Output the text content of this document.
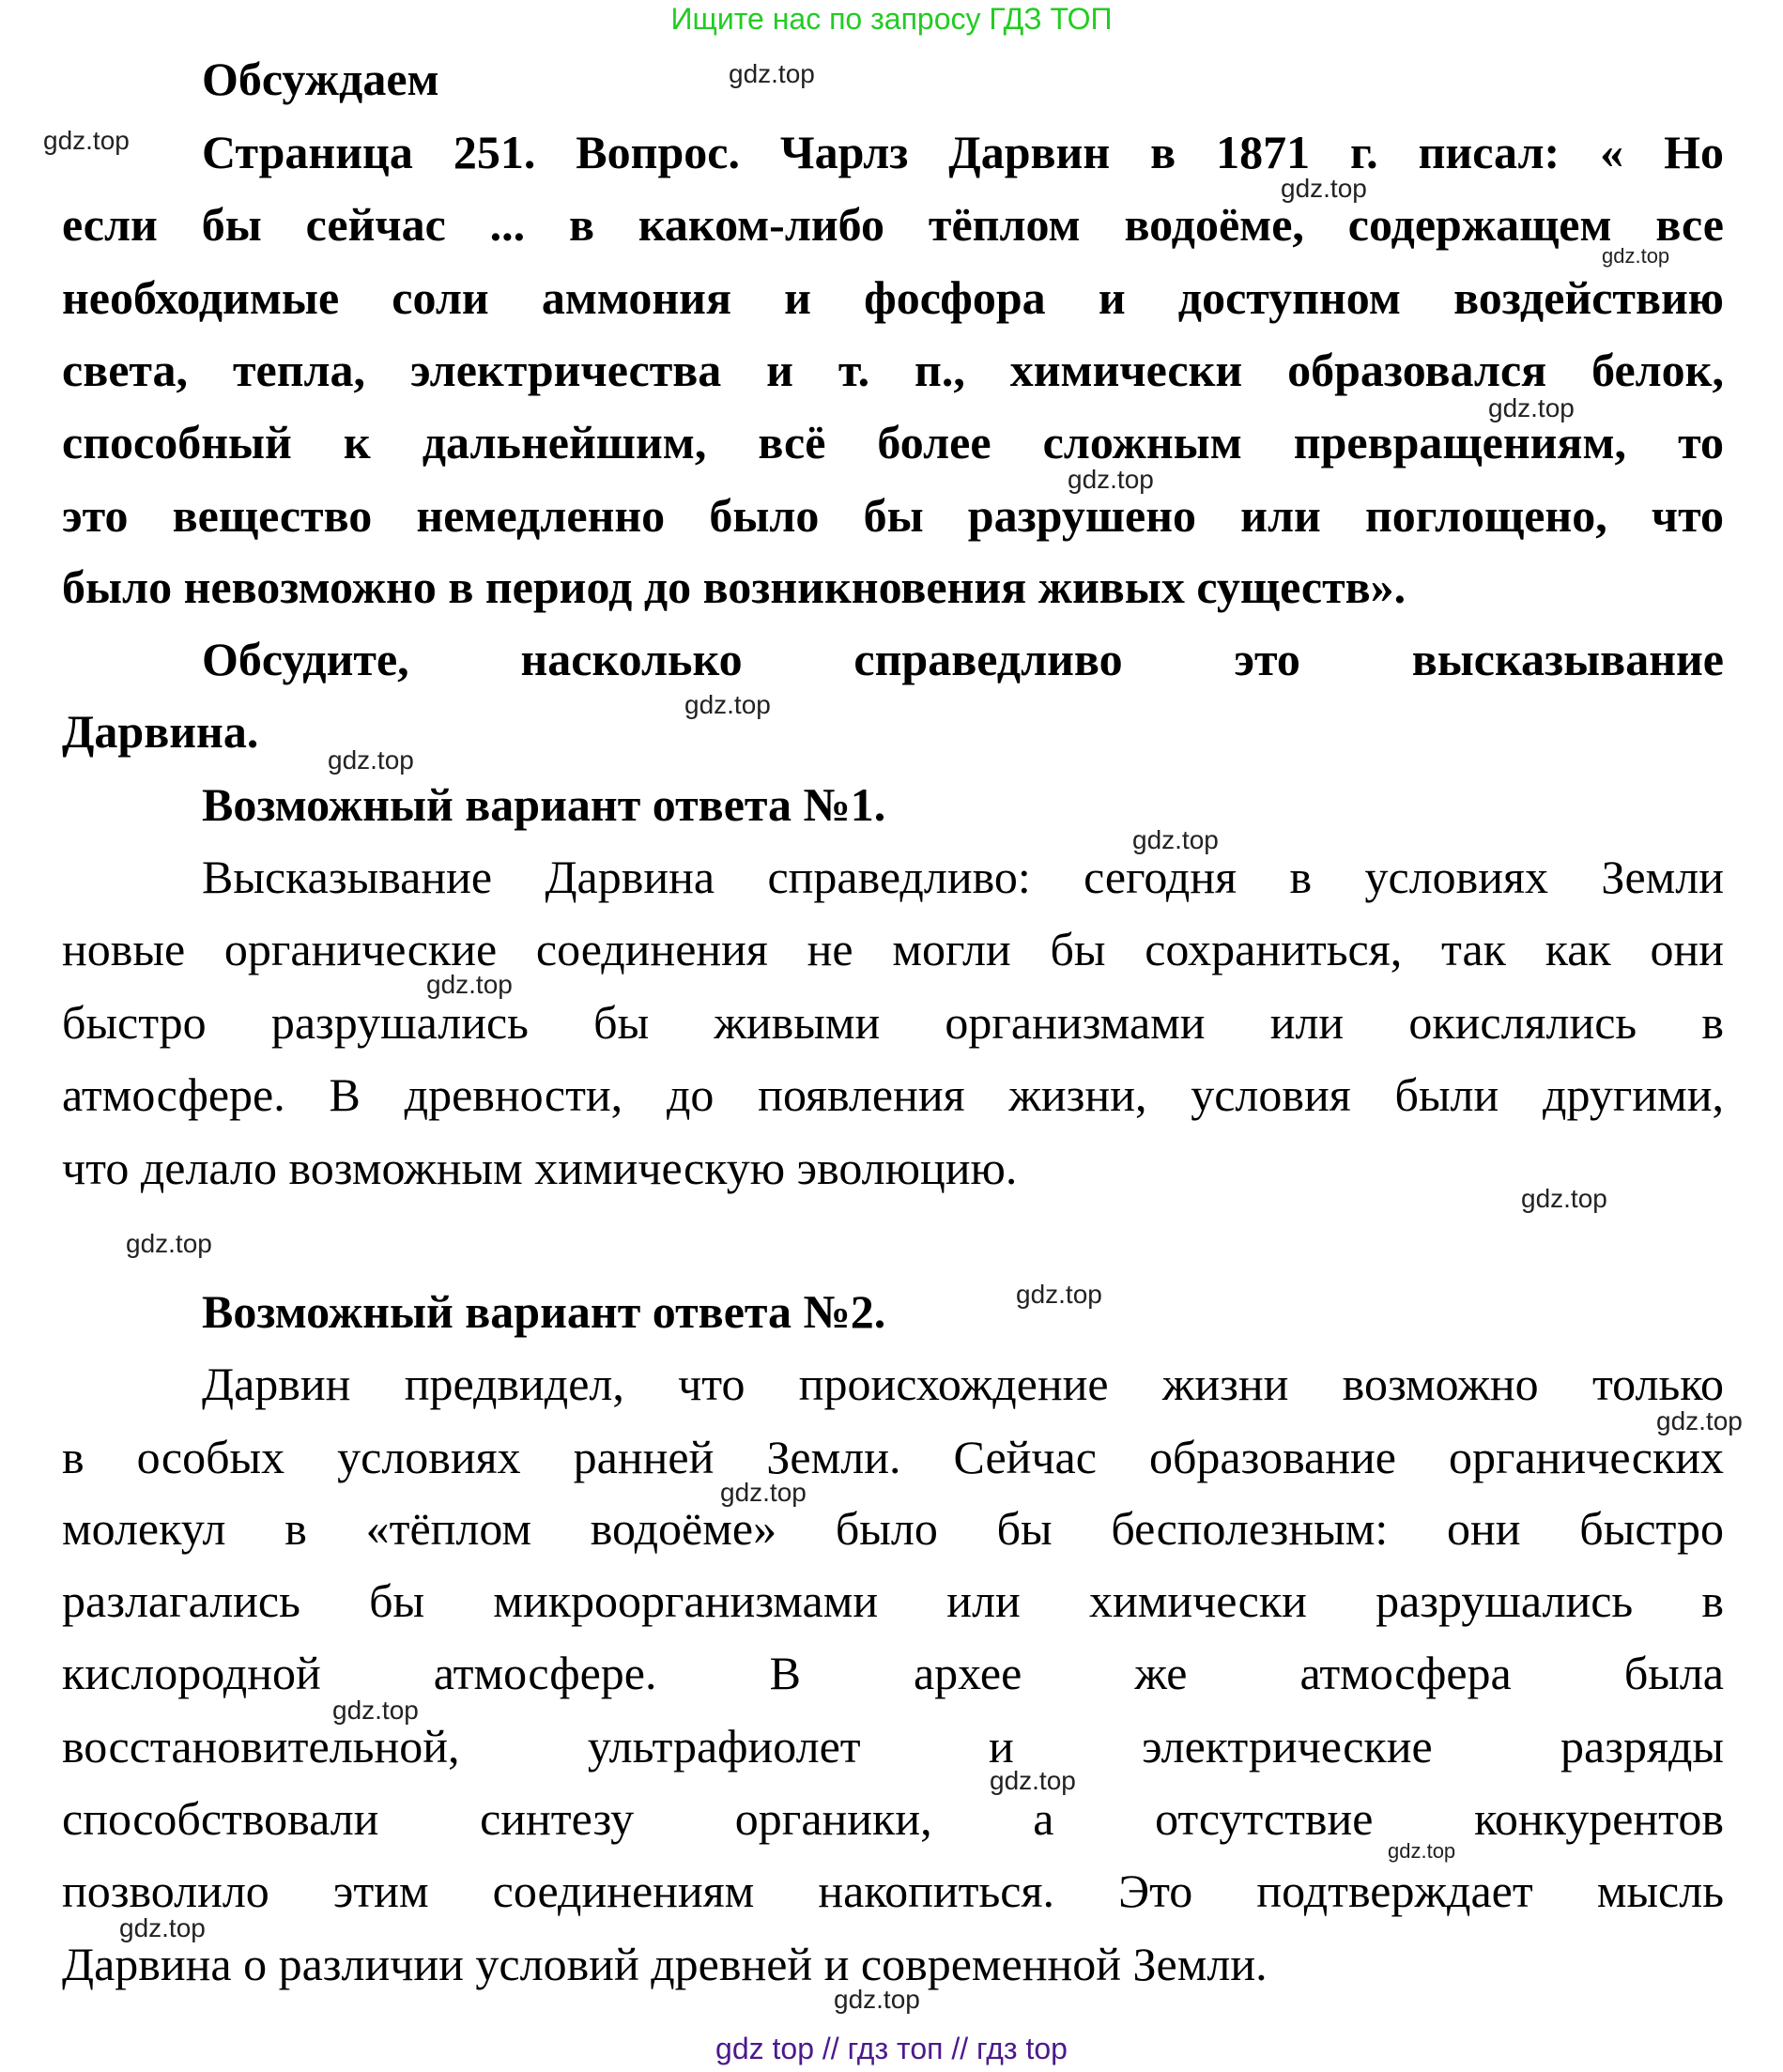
Ищите нас по запросу ГДЗ ТОП
Обсуждаем
Страница 251. Вопрос. Чарлз Дарвин в 1871 г. писал: « Но
если бы сейчас ... в каком-либо тёплом водоёме, содержащем все
необходимые соли аммония и фосфора и доступном воздействию
света, тепла, электричества и т. п., химически образовался белок,
способный к дальнейшим, всё более сложным превращениям, то
это вещество немедленно было бы разрушено или поглощено, что
было невозможно в период до возникновения живых существ».
Обсудите, насколько справедливо это высказывание
Дарвина.
Возможный вариант ответа №1.
Высказывание Дарвина справедливо: сегодня в условиях Земли
новые органические соединения не могли бы сохраниться, так как они
быстро разрушались бы живыми организмами или окислялись в
атмосфере. В древности, до появления жизни, условия были другими,
что делало возможным химическую эволюцию.
Возможный вариант ответа №2.
Дарвин предвидел, что происхождение жизни возможно только
в особых условиях ранней Земли. Сейчас образование органических
молекул в «тёплом водоёме» было бы бесполезным: они быстро
разлагались бы микроорганизмами или химически разрушались в
кислородной атмосфере. В архее же атмосфера была
восстановительной, ультрафиолет и электрические разряды
способствовали синтезу органики, а отсутствие конкурентов
позволило этим соединениям накопиться. Это подтверждает мысль
Дарвина о различии условий древней и современной Земли.
gdz.top
gdz.top
gdz.top
gdz.top
gdz.top
gdz.top
gdz.top
gdz.top
gdz.top
gdz.top
gdz.top
gdz.top
gdz.top
gdz.top
gdz.top
gdz.top
gdz.top
gdz.top
gdz.top
gdz.top
gdz top // гдз топ // гдз top
